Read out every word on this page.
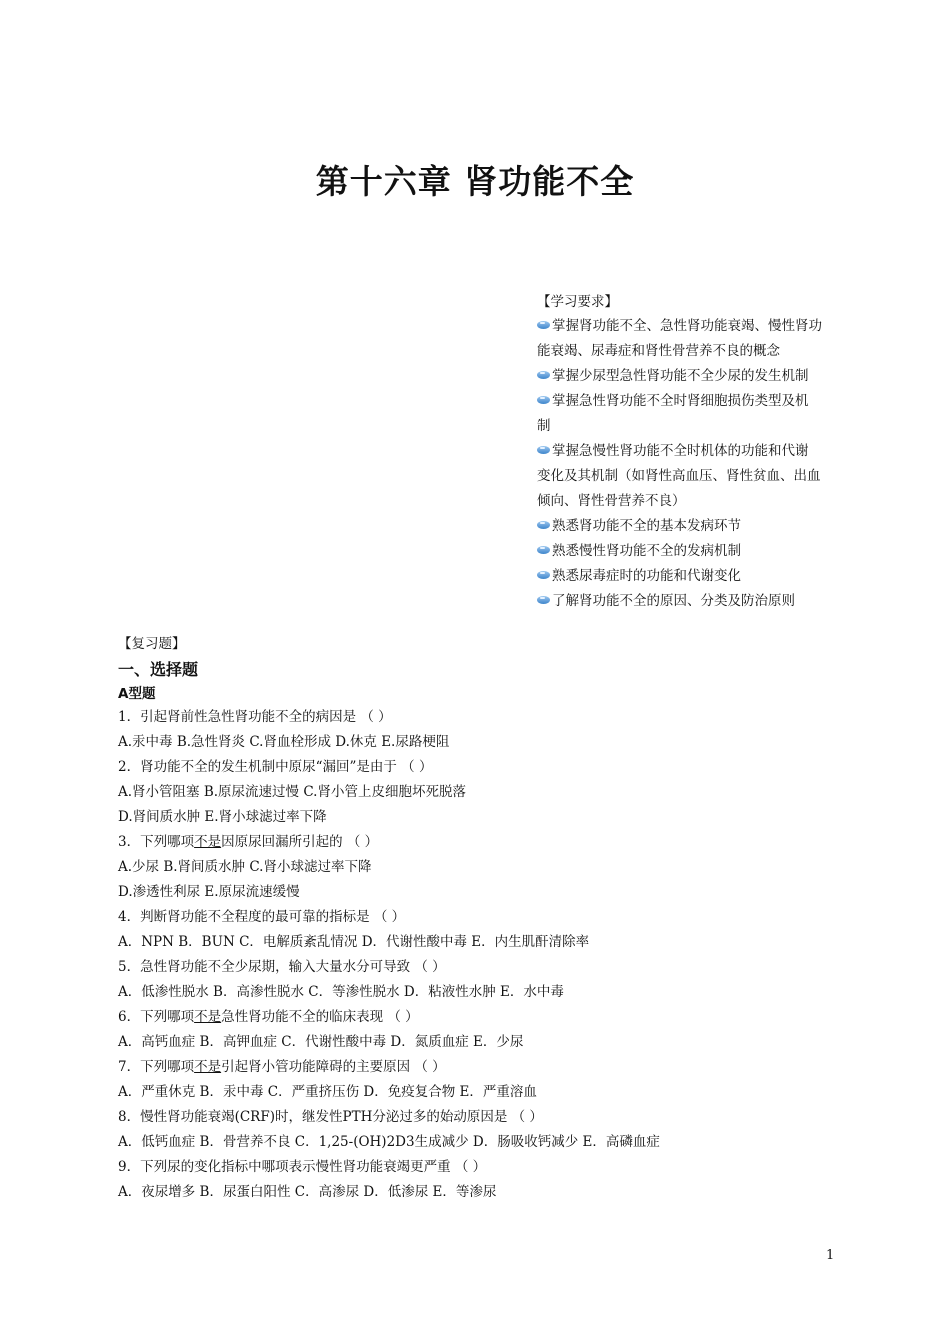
第十六章 肾功能不全
【学习要求】
掌握肾功能不全、急性肾功能衰竭、慢性肾功
能衰竭、尿毒症和肾性骨营养不良的概念
掌握少尿型急性肾功能不全少尿的发生机制
掌握急性肾功能不全时肾细胞损伤类型及机
制
掌握急慢性肾功能不全时机体的功能和代谢
变化及其机制（如肾性高血压、肾性贫血、出血
倾向、肾性骨营养不良）
熟悉肾功能不全的基本发病环节
熟悉慢性肾功能不全的发病机制
熟悉尿毒症时的功能和代谢变化
了解肾功能不全的原因、分类及防治原则
【复习题】
一、选择题
A型题
1．引起肾前性急性肾功能不全的病因是 （ ）
A.汞中毒 B.急性肾炎 C.肾血栓形成 D.休克 E.尿路梗阻
2．肾功能不全的发生机制中原尿“漏回”是由于 （ ）
A.肾小管阻塞 B.原尿流速过慢 C.肾小管上皮细胞坏死脱落
D.肾间质水肿 E.肾小球滤过率下降
3．下列哪项不是因原尿回漏所引起的 （ ）
A.少尿 B.肾间质水肿 C.肾小球滤过率下降
D.渗透性利尿 E.原尿流速缓慢
4．判断肾功能不全程度的最可靠的指标是 （ ）
A．NPN B．BUN C．电解质紊乱情况 D．代谢性酸中毒 E．内生肌酐清除率
5．急性肾功能不全少尿期，输入大量水分可导致 （ ）
A．低渗性脱水 B．高渗性脱水 C．等渗性脱水 D．粘液性水肿 E．水中毒
6．下列哪项不是急性肾功能不全的临床表现 （ ）
A．高钙血症 B．高钾血症 C．代谢性酸中毒 D．氮质血症 E．少尿
7．下列哪项不是引起肾小管功能障碍的主要原因 （ ）
A．严重休克 B．汞中毒 C．严重挤压伤 D．免疫复合物 E．严重溶血
8．慢性肾功能衰竭(CRF)时，继发性PTH分泌过多的始动原因是 （ ）
A．低钙血症 B．骨营养不良 C．1,25-(OH)2D3生成减少 D．肠吸收钙减少 E．高磷血症
9．下列尿的变化指标中哪项表示慢性肾功能衰竭更严重 （ ）
A．夜尿增多 B．尿蛋白阳性 C．高渗尿 D．低渗尿 E．等渗尿
1
